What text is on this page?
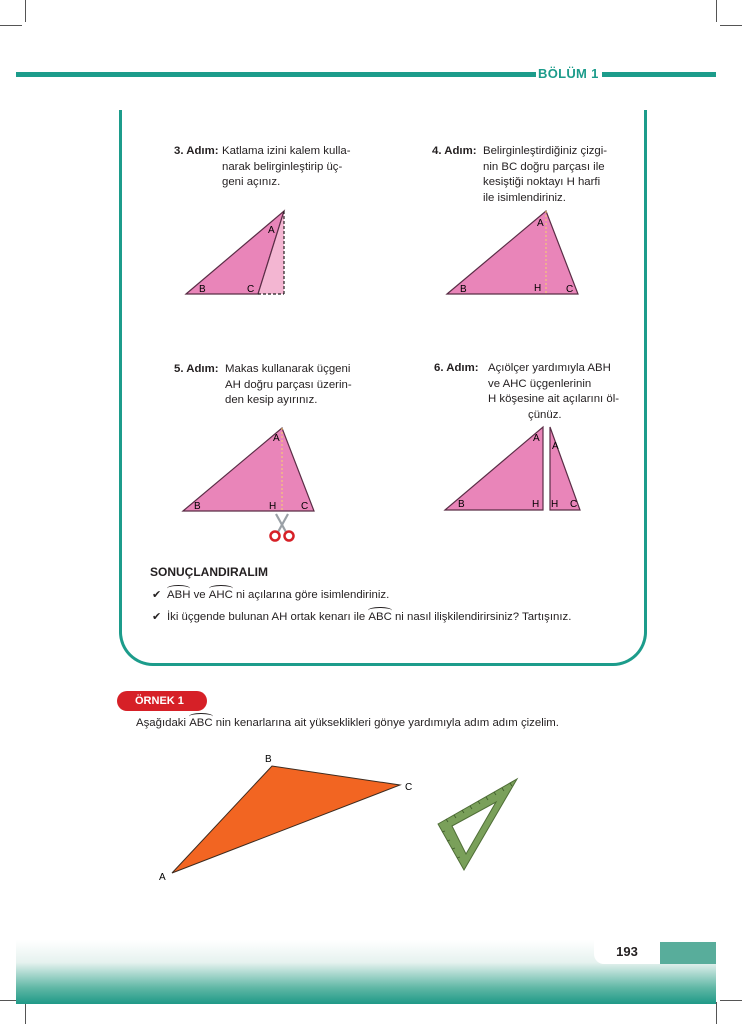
BÖLÜM 1
3. Adım: Katlama izini kalem kulla-
narak belirginleştirip üç-
geni açınız.
4. Adım: Belirginleştirdiğiniz çizgi-
nin BC doğru parçası ile
kesiştiği noktayı H harfi
ile isimlendiriniz.
5. Adım: Makas kullanarak üçgeni
AH doğru parçası üzerin-
den kesip ayırınız.
6. Adım: Açıölçer yardımıyla ABH
ve AHC üçgenlerinin
H köşesine ait açılarını öl-
çünüz.
A
B	C
A
B	H C
A
B	H C
A
A
B	H H C
SONUÇLANDIRALIM
✔ ABH ve AHC ni açılarına göre isimlendiriniz.
✔ İki üçgende bulunan AH ortak kenarı ile ABC ni nasıl ilişkilendirirsiniz? Tartışınız.
ÖRNEK 1
Aşağıdaki ABC nin kenarlarına ait yükseklikleri gönye yardımıyla adım adım çizelim.
B
C
A
193
